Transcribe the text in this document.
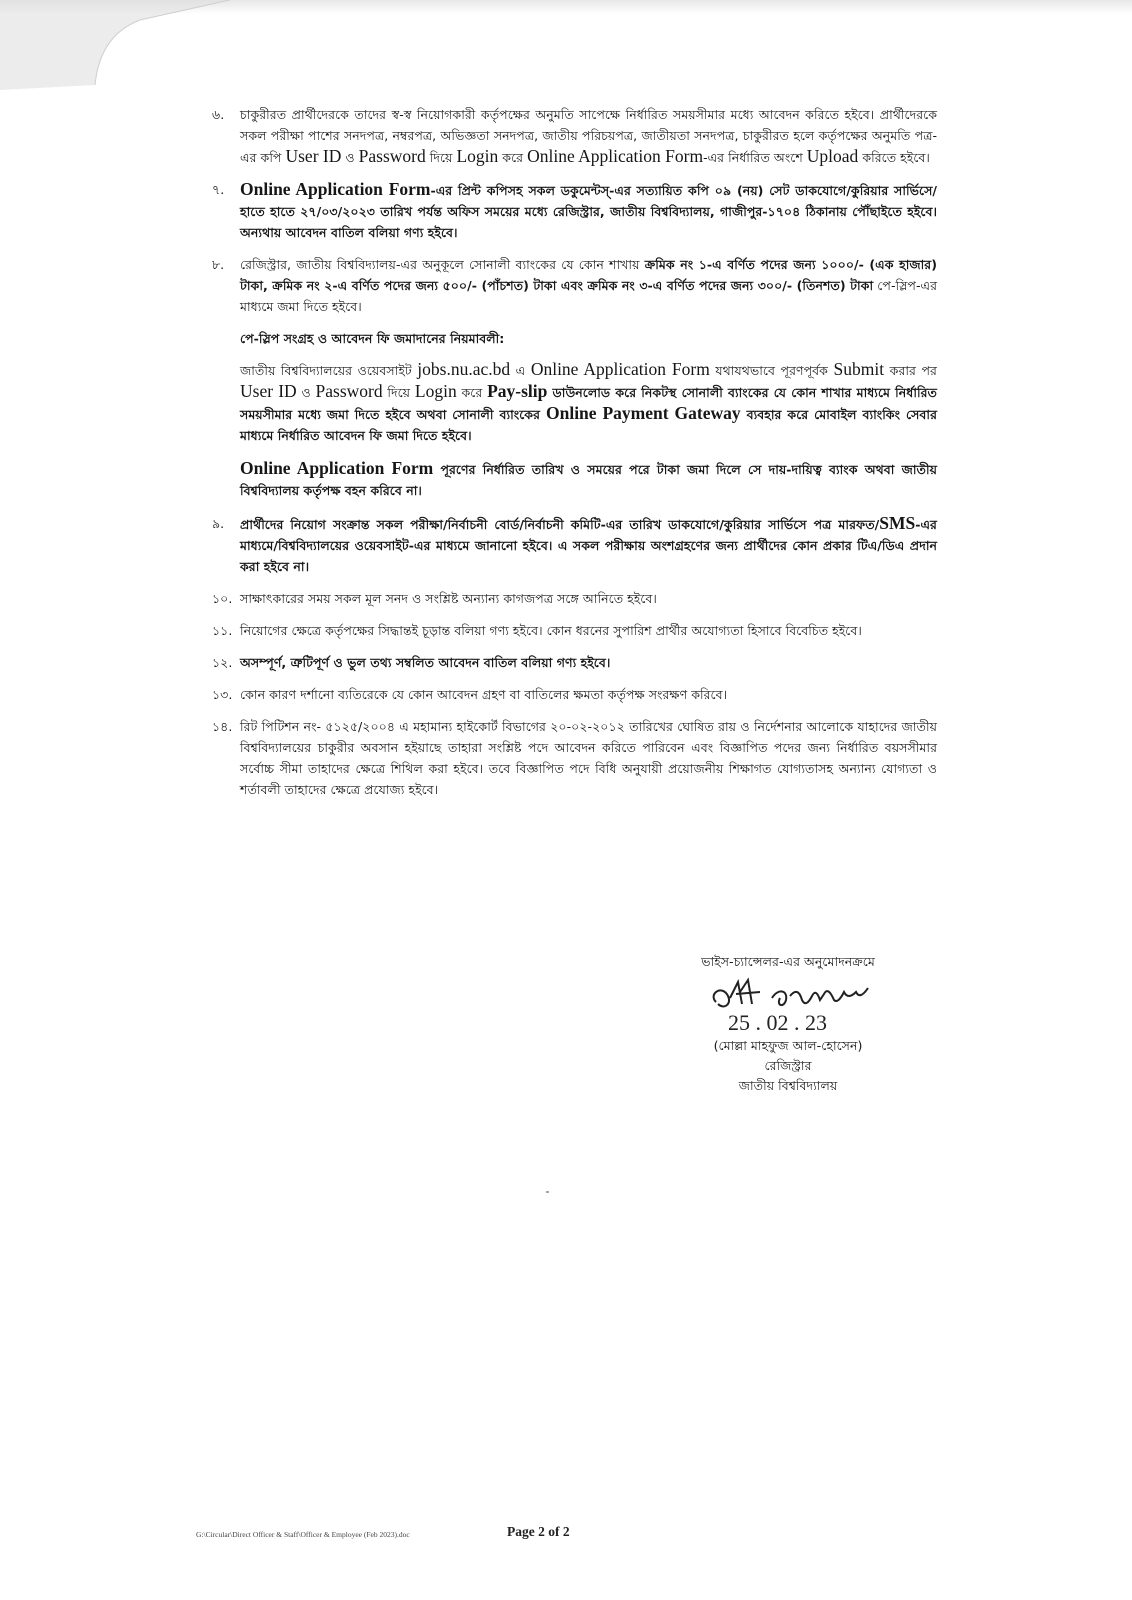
৬.	চাকুরীরত প্রার্থীদেরকে তাদের স্ব-স্ব নিয়োগকারী কর্তৃপক্ষের অনুমতি সাপেক্ষে নির্ধারিত সময়সীমার মধ্যে আবেদন করিতে হইবে। প্রার্থীদেরকে সকল পরীক্ষা পাশের সনদপত্র, নম্বরপত্র, অভিজ্ঞতা সনদপত্র, জাতীয় পরিচয়পত্র, জাতীয়তা সনদপত্র, চাকুরীরত হলে কর্তৃপক্ষের অনুমতি পত্র-এর কপি User ID ও Password দিয়ে Login করে Online Application Form-এর নির্ধারিত অংশে Upload করিতে হইবে।
৭. Online Application Form-এর প্রিন্ট কপিসহ সকল ডকুমেন্টস্-এর সত্যায়িত কপি ০৯ (নয়) সেট ডাকযোগে/কুরিয়ার সার্ভিসে/হাতে হাতে ২৭/০৩/২০২৩ তারিখ পর্যন্ত অফিস সময়ের মধ্যে রেজিস্ট্রার, জাতীয় বিশ্ববিদ্যালয়, গাজীপুর-১৭০৪ ঠিকানায় পৌঁছাইতে হইবে। অন্যথায় আবেদন বাতিল বলিয়া গণ্য হইবে।
৮.	রেজিস্ট্রার, জাতীয় বিশ্ববিদ্যালয়-এর অনুকূলে সোনালী ব্যাংকের যে কোন শাখায় ক্রমিক নং ১-এ বর্ণিত পদের জন্য ১০০০/- (এক হাজার) টাকা, ক্রমিক নং ২-এ বর্ণিত পদের জন্য ৫০০/- (পাঁচশত) টাকা এবং ক্রমিক নং ৩-এ বর্ণিত পদের জন্য ৩০০/- (তিনশত) টাকা পে-স্লিপ-এর মাধ্যমে জমা দিতে হইবে।
পে-স্লিপ সংগ্রহ ও আবেদন ফি জমাদানের নিয়মাবলী:
জাতীয় বিশ্ববিদ্যালয়ের ওয়েবসাইট jobs.nu.ac.bd এ Online Application Form যথাযথভাবে পূরণপূর্বক Submit করার পর User ID ও Password দিয়ে Login করে Pay-slip ডাউনলোড করে নিকটস্থ সোনালী ব্যাংকের যে কোন শাখার মাধ্যমে নির্ধারিত সময়সীমার মধ্যে জমা দিতে হইবে অথবা সোনালী ব্যাংকের Online Payment Gateway ব্যবহার করে মোবাইল ব্যাংকিং সেবার মাধ্যমে নির্ধারিত আবেদন ফি জমা দিতে হইবে।
Online Application Form পূরণের নির্ধারিত তারিখ ও সময়ের পরে টাকা জমা দিলে সে দায়-দায়িত্ব ব্যাংক অথবা জাতীয় বিশ্ববিদ্যালয় কর্তৃপক্ষ বহন করিবে না।
৯.	প্রার্থীদের নিয়োগ সংক্রান্ত সকল পরীক্ষা/নির্বাচনী বোর্ড/নির্বাচনী কমিটি-এর তারিখ ডাকযোগে/কুরিয়ার সার্ভিসে পত্র মারফত/SMS-এর মাধ্যমে/বিশ্ববিদ্যালয়ের ওয়েবসাইট-এর মাধ্যমে জানানো হইবে। এ সকল পরীক্ষায় অংশগ্রহণের জন্য প্রার্থীদের কোন প্রকার টিএ/ডিএ প্রদান করা হইবে না।
১০. সাক্ষাৎকারের সময় সকল মূল সনদ ও সংশ্লিষ্ট অন্যান্য কাগজপত্র সঙ্গে আনিতে হইবে।
১১. নিয়োগের ক্ষেত্রে কর্তৃপক্ষের সিদ্ধান্তই চূড়ান্ত বলিয়া গণ্য হইবে। কোন ধরনের সুপারিশ প্রার্থীর অযোগ্যতা হিসাবে বিবেচিত হইবে।
১২. অসম্পূর্ণ, ত্রুটিপূর্ণ ও ভুল তথ্য সম্বলিত আবেদন বাতিল বলিয়া গণ্য হইবে।
১৩. কোন কারণ দর্শানো ব্যতিরেকে যে কোন আবেদন গ্রহণ বা বাতিলের ক্ষমতা কর্তৃপক্ষ সংরক্ষণ করিবে।
১৪. রিট পিটিশন নং- ৫১২৫/২০০৪ এ মহামান্য হাইকোর্ট বিভাগের ২০-০২-২০১২ তারিখের ঘোষিত রায় ও নির্দেশনার আলোকে যাহাদের জাতীয় বিশ্ববিদ্যালয়ের চাকুরীর অবসান হইয়াছে তাহারা সংশ্লিষ্ট পদে আবেদন করিতে পারিবেন এবং বিজ্ঞাপিত পদের জন্য নির্ধারিত বয়সসীমার সর্বোচ্চ সীমা তাহাদের ক্ষেত্রে শিথিল করা হইবে। তবে বিজ্ঞাপিত পদে বিধি অনুযায়ী প্রয়োজনীয় শিক্ষাগত যোগ্যতাসহ অন্যান্য যোগ্যতা ও শর্তাবলী তাহাদের ক্ষেত্রে প্রযোজ্য হইবে।
ভাইস-চ্যান্সেলর-এর অনুমোদনক্রমে
25 . 02 . 23
(মোল্লা মাহফুজ আল-হোসেন)
রেজিস্ট্রার
জাতীয় বিশ্ববিদ্যালয়
G:\Circular\Direct Officer & Staff\Officer & Employee (Feb 2023).doc	Page 2 of 2
